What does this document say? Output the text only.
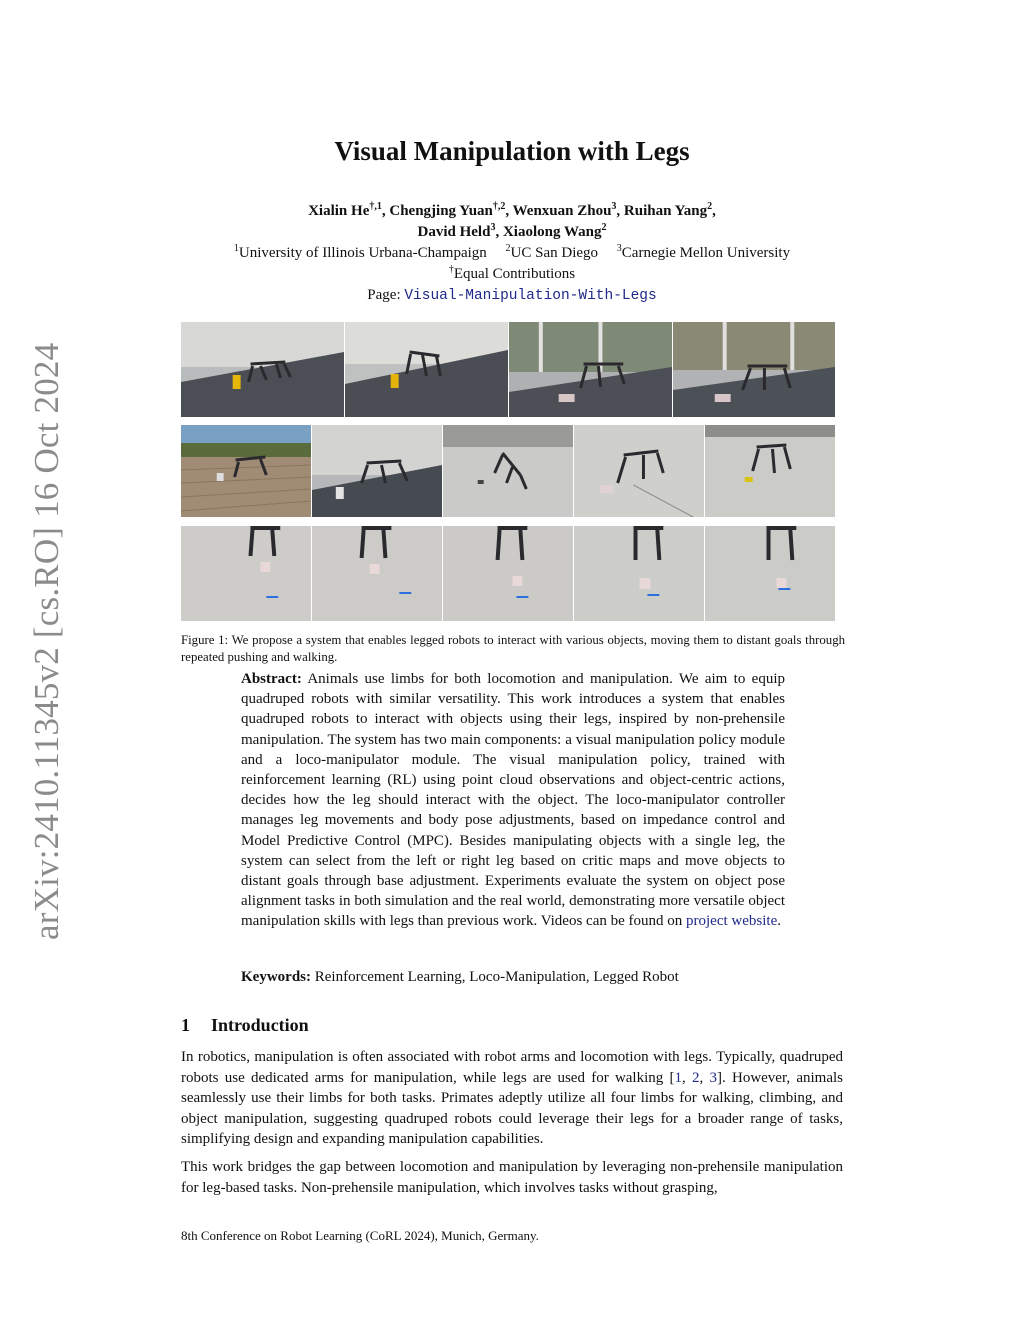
arXiv:2410.11345v2 [cs.RO] 16 Oct 2024
Visual Manipulation with Legs
Xialin $He^{\dagger,1}$, Chengjing Yuan$^{\dagger,2}$, Wenxuan Zhou$^3$, Ruihan Yang$^2$,
David Held$^3$, Xiaolong Wang$^2$
$^1$University of Illinois Urbana-Champaign $^2$UC San Diego $^3$Carnegie Mellon University
†Equal Contributions
Page: Visual-Manipulation-With-Legs

Figure 1: We propose a system that enables legged robots to interact with various objects, moving them to distant goals through repeated pushing and walking.

Abstract: Animals use limbs for both locomotion and manipulation. We aim to equip quadruped robots with similar versatility. This work introduces a system that enables quadruped robots to interact with objects using their legs, inspired by non-prehensile manipulation. The system has two main components: a visual manipulation policy module and a loco-manipulator module. The visual manipulation policy, trained with reinforcement learning (RL) using point cloud observations and object-centric actions, decides how the leg should interact with the object. The loco-manipulator controller manages leg movements and body pose adjustments, based on impedance control and Model Predictive Control (MPC). Besides manipulating objects with a single leg, the system can select from the left or right leg based on critic maps and move objects to distant goals through base adjustment. Experiments evaluate the system on object pose alignment tasks in both simulation and the real world, demonstrating more versatile object manipulation skills with legs than previous work. Videos can be found on project website.
Keywords: Reinforcement Learning, Loco-Manipulation, Legged Robot
1 Introduction

In robotics, manipulation is often associated with robot arms and locomotion with legs. Typically, quadruped robots use dedicated arms for manipulation, while legs are used for walking [1, 2, 3]. However, animals seamlessly use their limbs for both tasks. Primates adeptly utilize all four limbs for walking, climbing, and object manipulation, suggesting quadruped robots could leverage their legs for a broader range of tasks, simplifying design and expanding manipulation capabilities.

This work bridges the gap between locomotion and manipulation by leveraging non-prehensile manipulation for leg-based tasks. Non-prehensile manipulation, which involves tasks without grasping,

8th Conference on Robot Learning (CoRL 2024), Munich, Germany.
